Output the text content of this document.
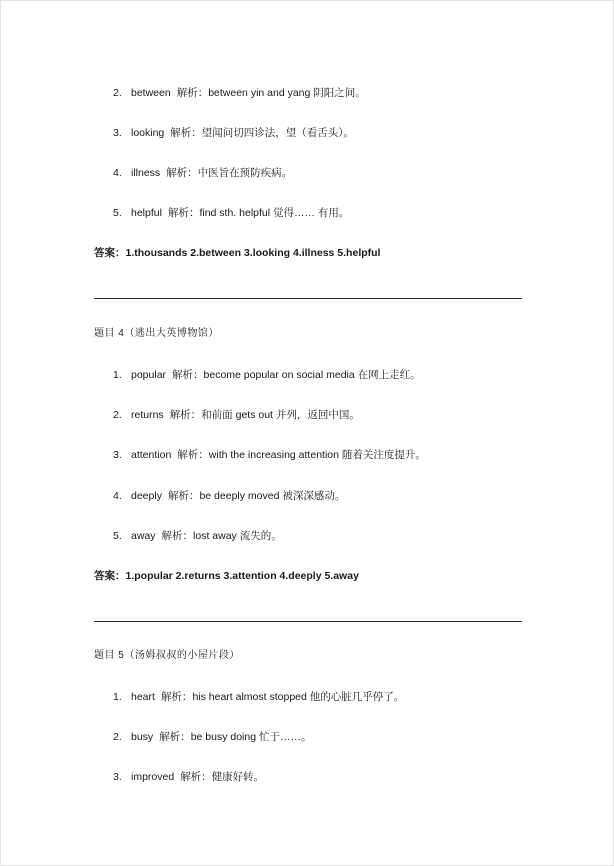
2. between 解析：between yin and yang 阴阳之间。
3. looking 解析：望闻问切四诊法，望（看舌头）。
4. illness 解析：中医旨在预防疾病。
5. helpful 解析：find sth. helpful 觉得…… 有用。
答案：1.thousands 2.between 3.looking 4.illness 5.helpful
题目 4（逃出大英博物馆）
1. popular 解析：become popular on social media 在网上走红。
2. returns 解析：和前面 gets out 并列，返回中国。
3. attention 解析：with the increasing attention 随着关注度提升。
4. deeply 解析：be deeply moved 被深深感动。
5. away 解析：lost away 流失的。
答案：1.popular 2.returns 3.attention 4.deeply 5.away
题目 5（汤姆叔叔的小屋片段）
1. heart 解析：his heart almost stopped 他的心脏几乎停了。
2. busy 解析：be busy doing 忙于……。
3. improved 解析：健康好转。
